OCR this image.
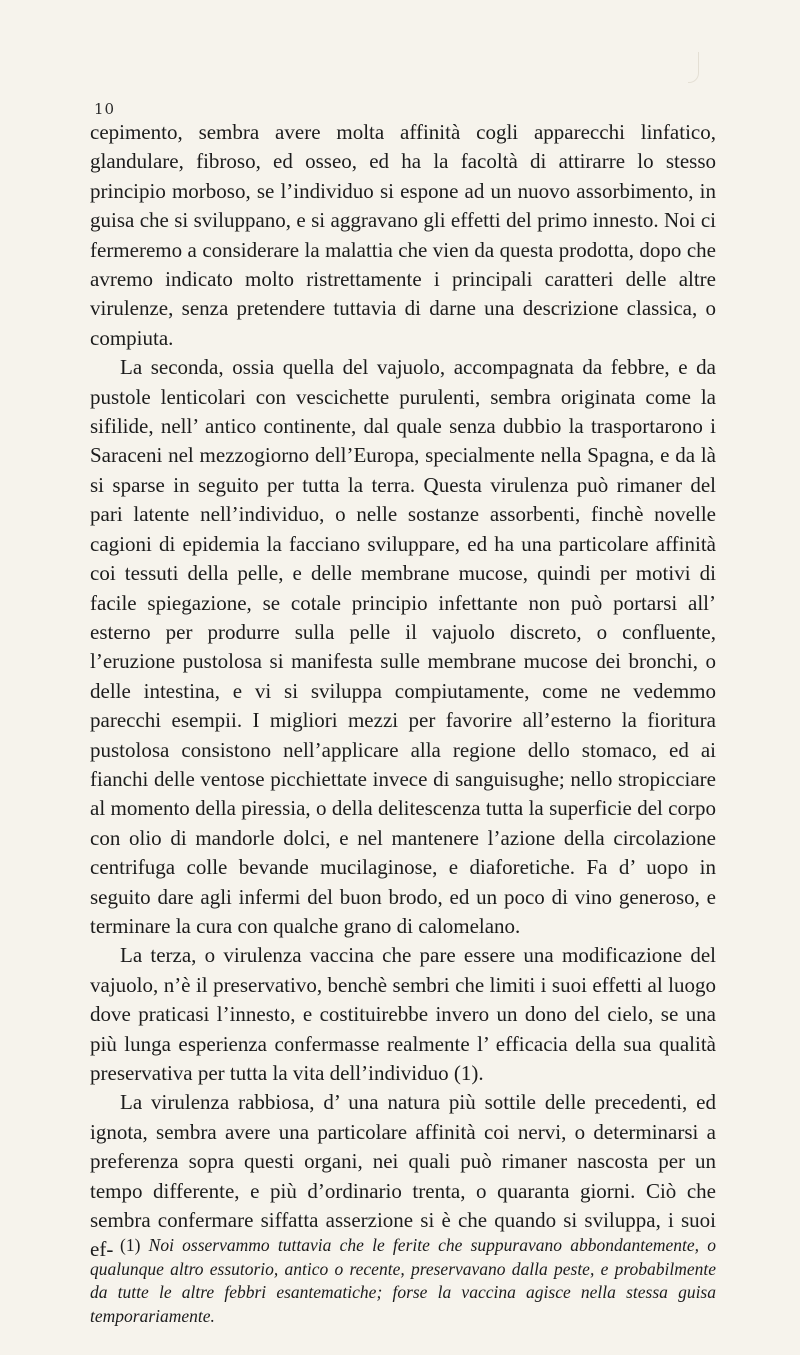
10

cepimento, sembra avere molta affinità cogli apparecchi linfatico, glandulare, fibroso, ed osseo, ed ha la facoltà di attirarre lo stesso principio morboso, se l’individuo si espone ad un nuovo assorbimento, in guisa che si sviluppano, e si aggravano gli effetti del primo innesto. Noi ci fermeremo a considerare la malattia che vien da questa prodotta, dopo che avremo indicato molto ristrettamente i principali caratteri delle altre virulenze, senza pretendere tuttavia di darne una descrizione classica, o compiuta.

La seconda, ossia quella del vajuolo, accompagnata da febbre, e da pustole lenticolari con vescichette purulenti, sembra originata come la sifilide, nell’ antico continente, dal quale senza dubbio la trasportarono i Saraceni nel mezzogiorno dell’Europa, specialmente nella Spagna, e da là si sparse in seguito per tutta la terra. Questa virulenza può rimaner del pari latente nell’individuo, o nelle sostanze assorbenti, finchè novelle cagioni di epidemia la facciano sviluppare, ed ha una particolare affinità coi tessuti della pelle, e delle membrane mucose, quindi per motivi di facile spiegazione, se cotale principio infettante non può portarsi all’ esterno per produrre sulla pelle il vajuolo discreto, o confluente, l’eruzione pustolosa si manifesta sulle membrane mucose dei bronchi, o delle intestina, e vi si sviluppa compiutamente, come ne vedemmo parecchi esempii. I migliori mezzi per favorire all’esterno la fioritura pustolosa consistono nell’applicare alla regione dello stomaco, ed ai fianchi delle ventose picchiettate invece di sanguisughe; nello stropicciare al momento della piressia, o della delitescenza tutta la superficie del corpo con olio di mandorle dolci, e nel mantenere l’azione della circolazione centrifuga colle bevande mucilaginose, e diaforetiche. Fa d’ uopo in seguito dare agli infermi del buon brodo, ed un poco di vino generoso, e terminare la cura con qualche grano di calomelano.

La terza, o virulenza vaccina che pare essere una modificazione del vajuolo, n’è il preservativo, benchè sembri che limiti i suoi effetti al luogo dove praticasi l’innesto, e costituirebbe invero un dono del cielo, se una più lunga esperienza confermasse realmente l’ efficacia della sua qualità preservativa per tutta la vita dell’individuo (1).

La virulenza rabbiosa, d’ una natura più sottile delle precedenti, ed ignota, sembra avere una particolare affinità coi nervi, o determinarsi a preferenza sopra questi organi, nei quali può rimaner nascosta per un tempo differente, e più d’ordinario trenta, o quaranta giorni. Ciò che sembra confermare siffatta asserzione si è che quando si sviluppa, i suoi ef- (1) Noi osservammo tuttavia che le ferite che suppuravano abbondantemente, o qualunque altro essutorio, antico o recente, preservavano dalla peste, e probabilmente da tutte le altre febbri esantematiche; forse la vaccina agisce nella stessa guisa temporariamente.
